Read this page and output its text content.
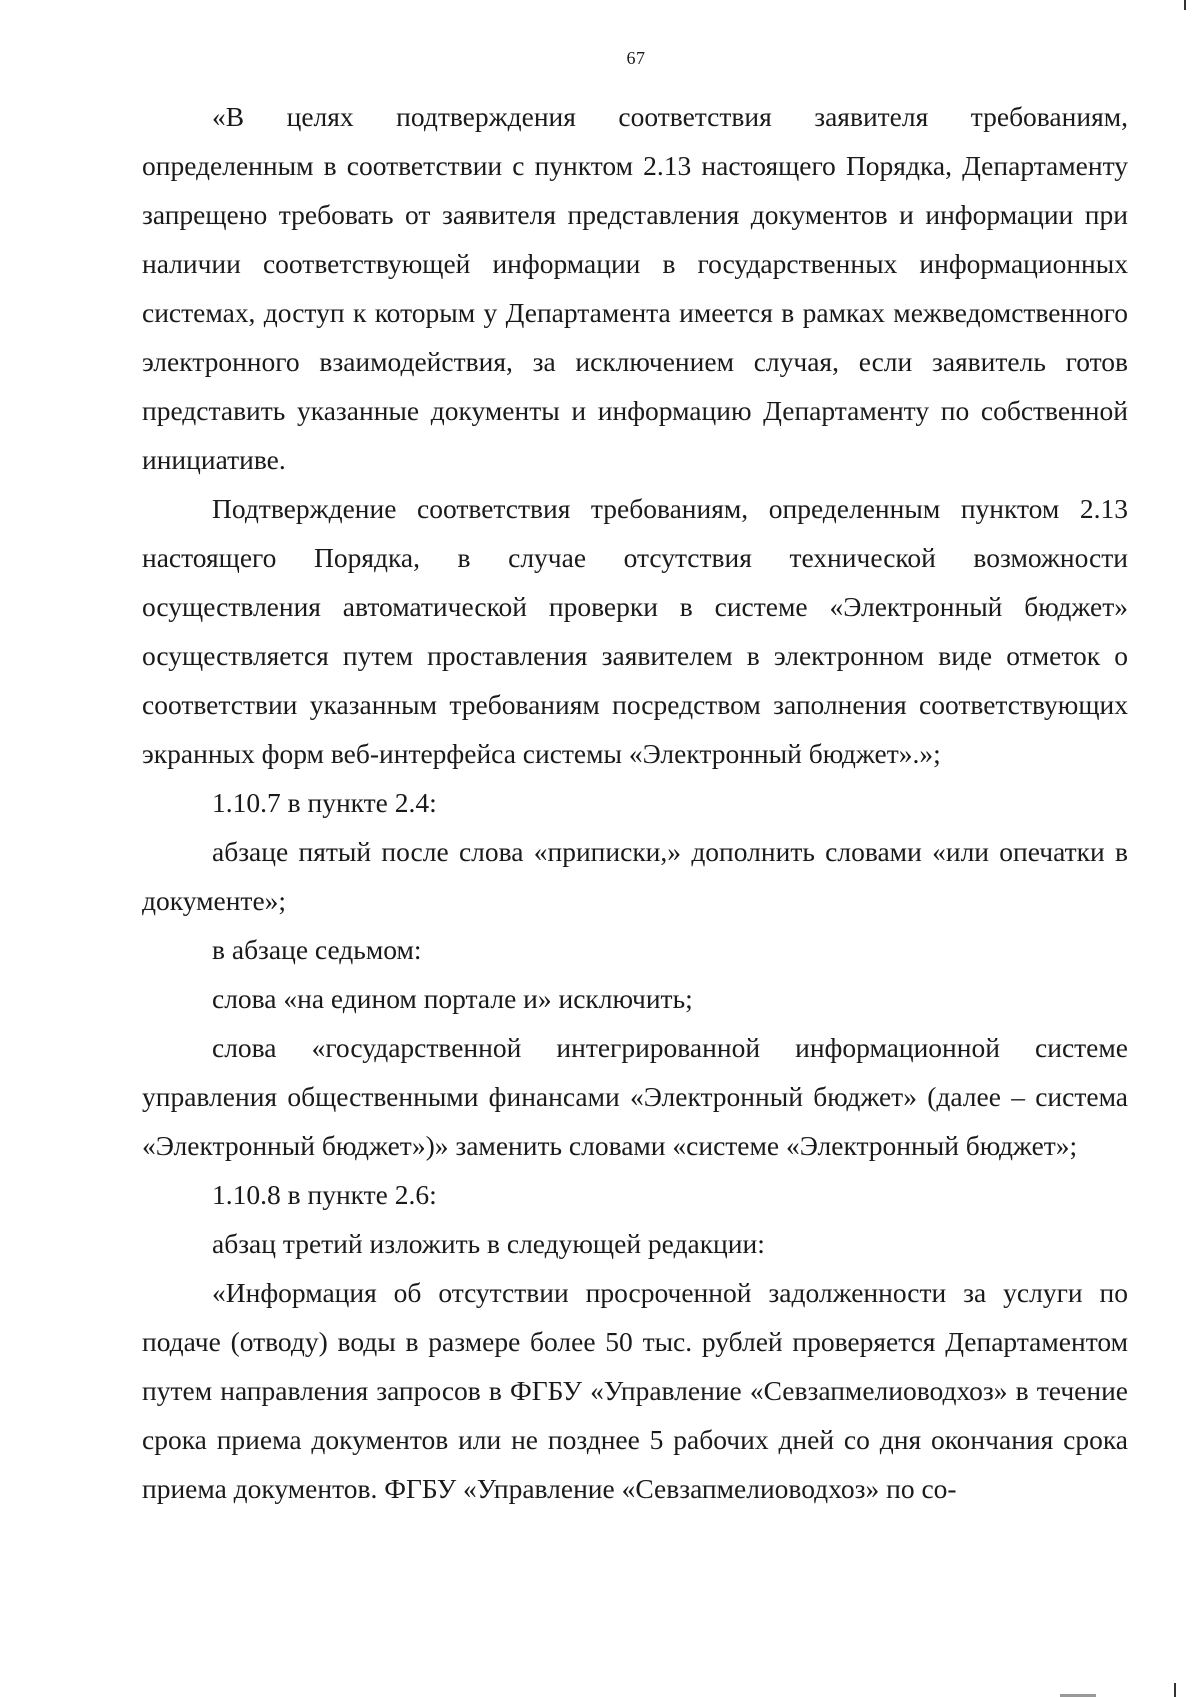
67

«В целях подтверждения соответствия заявителя требованиям, определенным в соответствии с пунктом 2.13 настоящего Порядка, Департаменту запрещено требовать от заявителя представления документов и информации при наличии соответствующей информации в государственных информационных системах, доступ к которым у Департамента имеется в рамках межведомственного электронного взаимодействия, за исключением случая, если заявитель готов представить указанные документы и информацию Департаменту по собственной инициативе.

Подтверждение соответствия требованиям, определенным пунктом 2.13 настоящего Порядка, в случае отсутствия технической возможности осуществления автоматической проверки в системе «Электронный бюджет» осуществляется путем проставления заявителем в электронном виде отметок о соответствии указанным требованиям посредством заполнения соответствующих экранных форм веб-интерфейса системы «Электронный бюджет».»;

1.10.7 в пункте 2.4:

абзаце пятый после слова «приписки,» дополнить словами «или опечатки в документе»;

в абзаце седьмом:

слова «на едином портале и» исключить;

слова «государственной интегрированной информационной системе управления общественными финансами «Электронный бюджет» (далее – система «Электронный бюджет»)» заменить словами «системе «Электронный бюджет»;

1.10.8 в пункте 2.6:

абзац третий изложить в следующей редакции:

«Информация об отсутствии просроченной задолженности за услуги по подаче (отводу) воды в размере более 50 тыс. рублей проверяется Департаментом путем направления запросов в ФГБУ «Управление «Севзапмелиоводхоз» в течение срока приема документов или не позднее 5 рабочих дней со дня окончания срока приема документов. ФГБУ «Управление «Севзапмелиоводхоз» по со-
